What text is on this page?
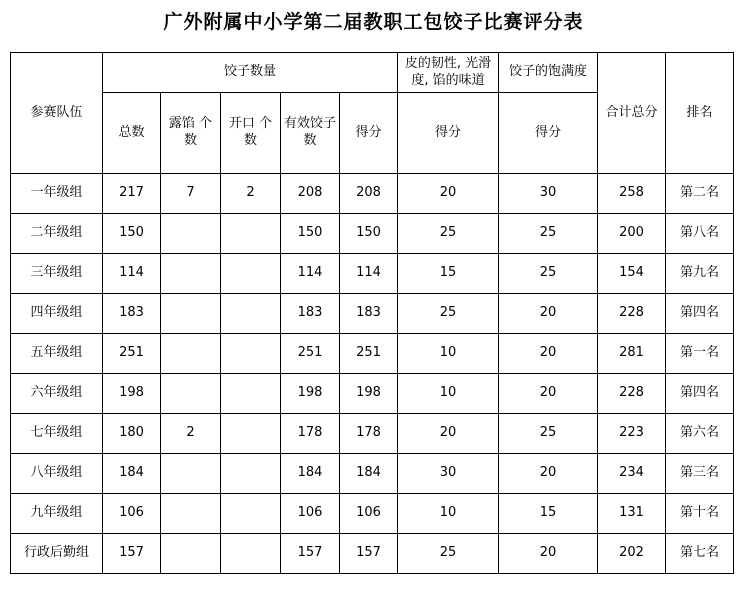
广外附属中小学第二届教职工包饺子比赛评分表
参赛队伍	饺子数量					皮的韧性, 光滑度, 馅的味道	饺子的饱满度	合计总分	排名
	总数	露馅 个数	开口 个数	有效饺子数	得分	得分	得分		
一年级组	217	7	2	208	208	20	30	258	第二名
二年级组	150			150	150	25	25	200	第八名
三年级组	114			114	114	15	25	154	第九名
四年级组	183			183	183	25	20	228	第四名
五年级组	251			251	251	10	20	281	第一名
六年级组	198			198	198	10	20	228	第四名
七年级组	180	2		178	178	20	25	223	第六名
八年级组	184			184	184	30	20	234	第三名
九年级组	106			106	106	10	15	131	第十名
行政后勤组	157			157	157	25	20	202	第七名
